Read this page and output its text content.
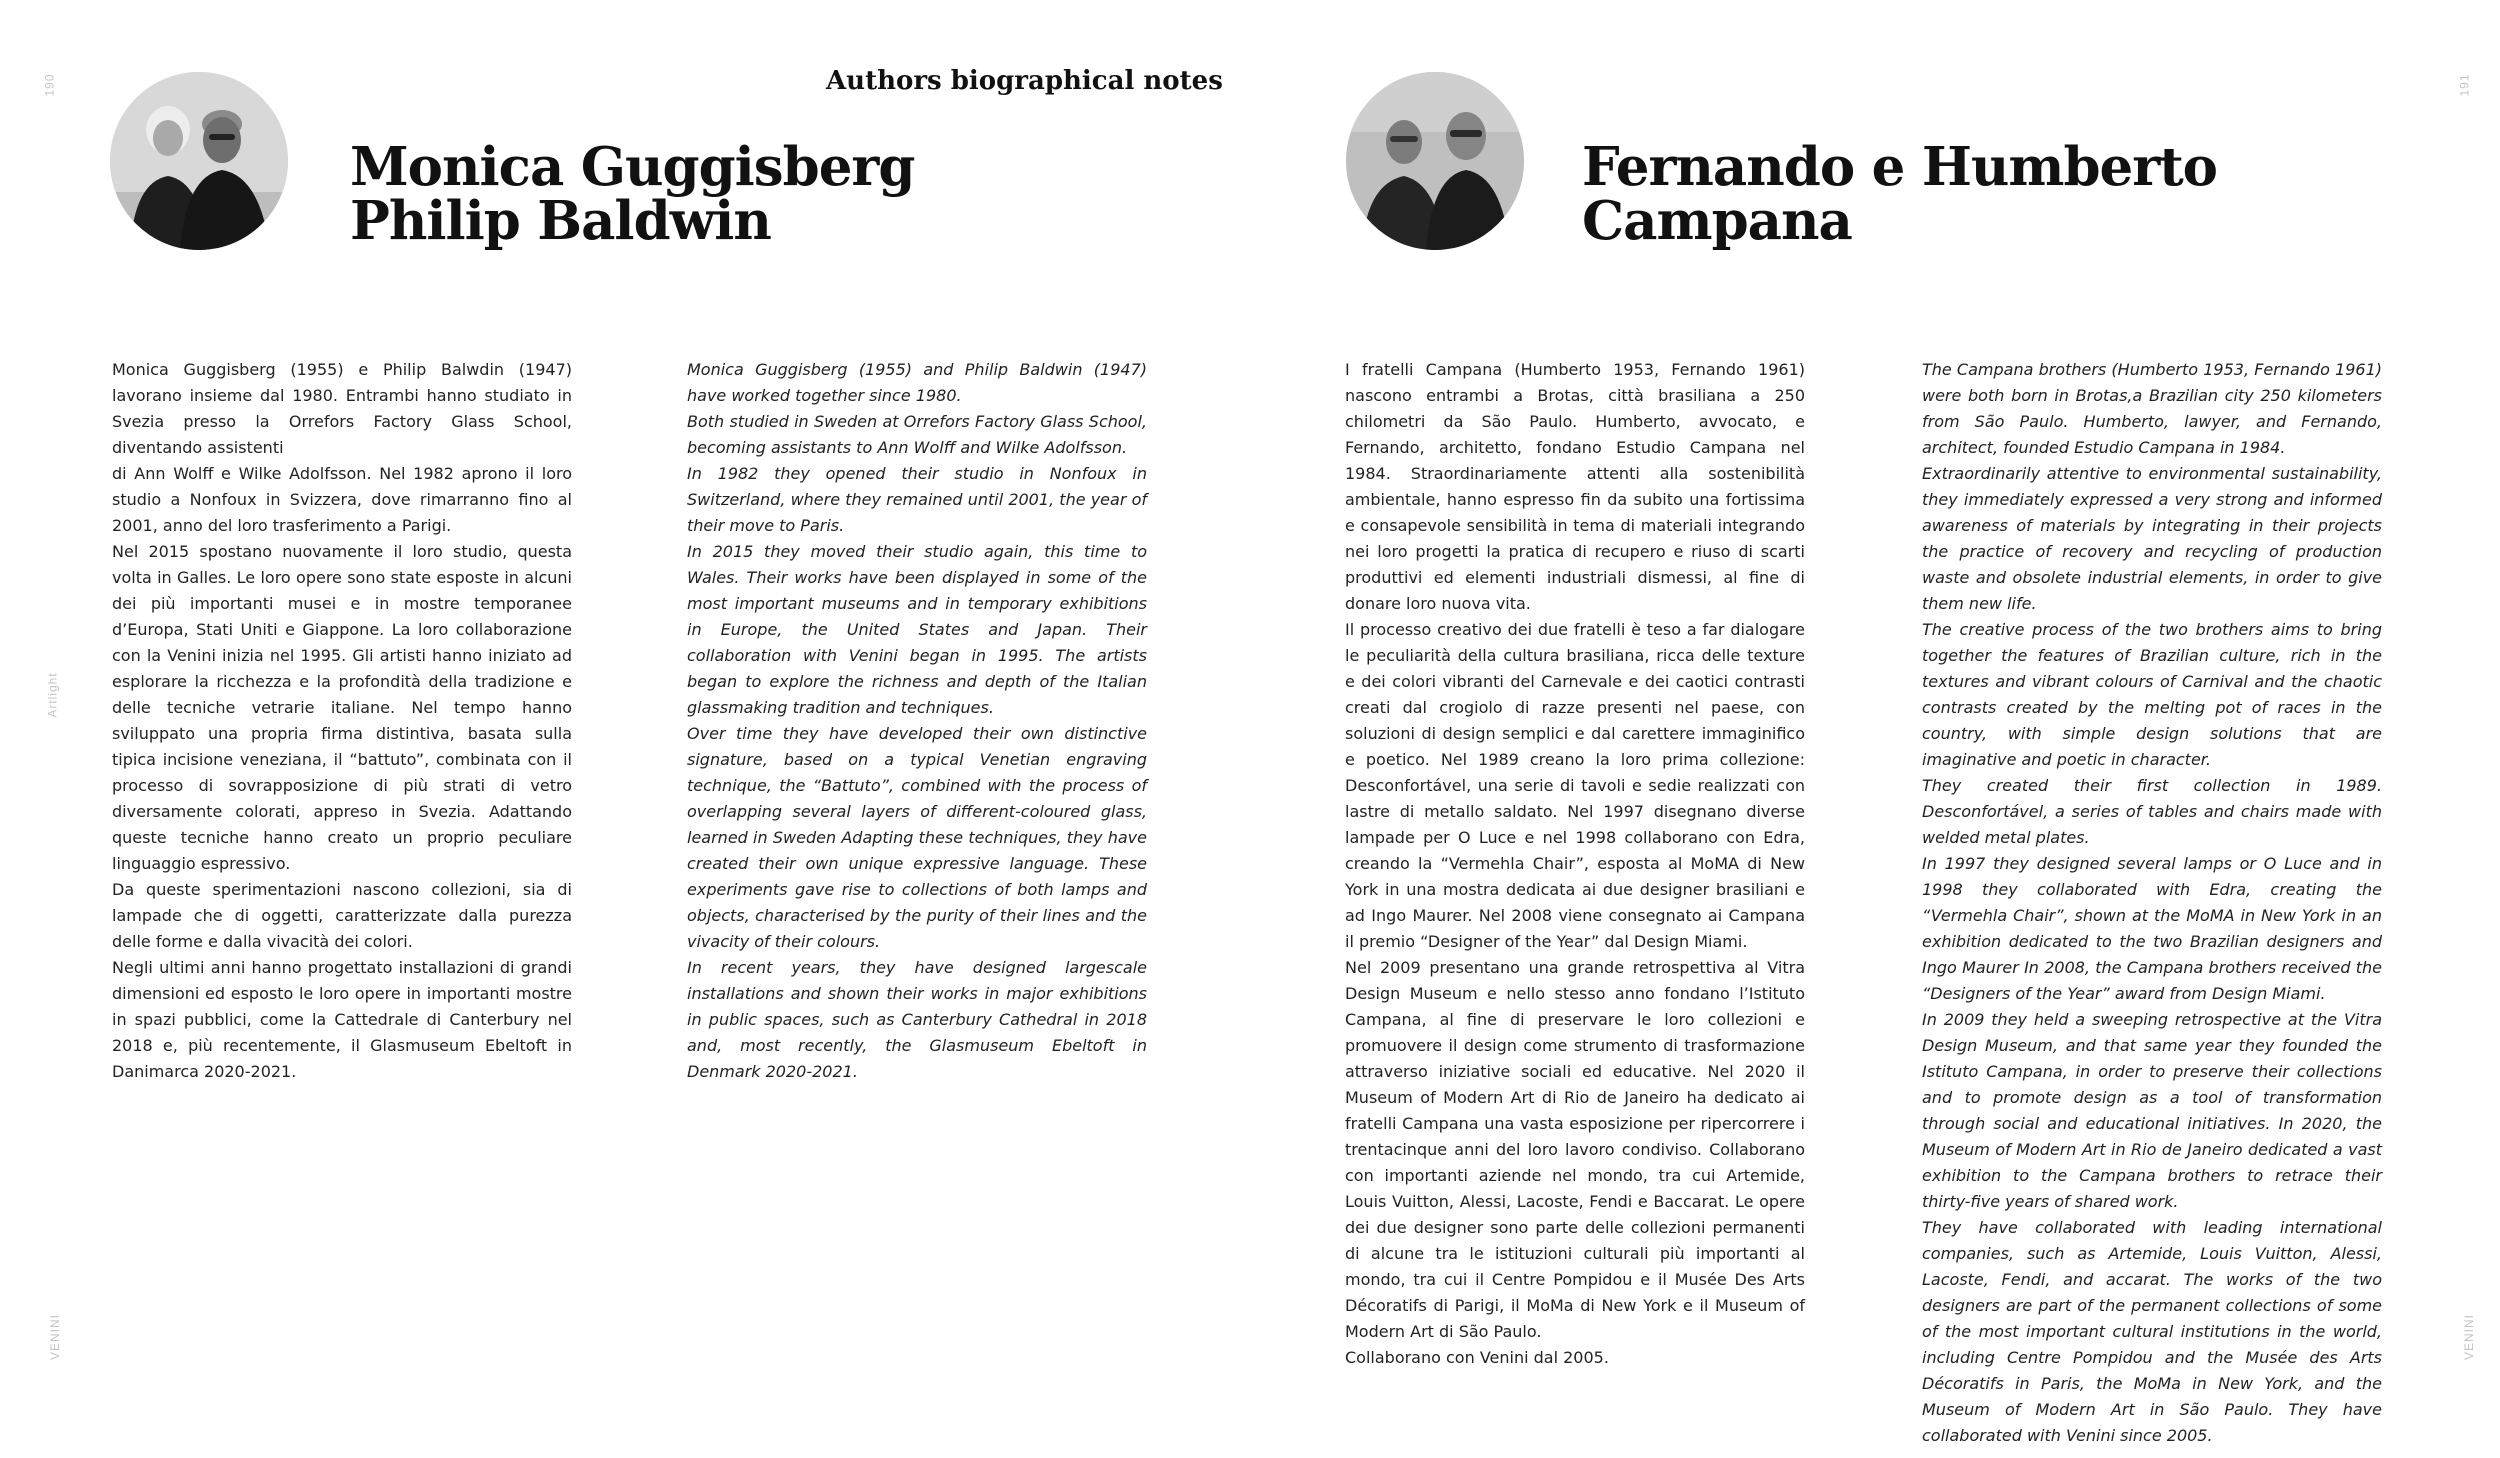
190
Artlight
VENINI
191
VENINI
Authors biographical notes
Monica Guggisberg
Philip Baldwin
Fernando e Humberto
Campana

Monica Guggisberg (1955) e Philip Balwdin (1947) lavorano insieme dal 1980. Entrambi hanno studiato in Svezia presso la Orrefors Factory Glass School, diventando assistenti

di Ann Wolff e Wilke Adolfsson. Nel 1982 aprono il loro studio a Nonfoux in Svizzera, dove rimarranno fino al 2001, anno del loro trasferimento a Parigi.

Nel 2015 spostano nuovamente il loro studio, questa volta in Galles. Le loro opere sono state esposte in alcuni dei più importanti musei e in mostre temporanee d’Europa, Stati Uniti e Giappone. La loro collaborazione con la Venini inizia nel 1995. Gli artisti hanno iniziato ad esplorare la ricchezza e la profondità della tradizione e delle tecniche vetrarie italiane. Nel tempo hanno sviluppato una propria firma distintiva, basata sulla tipica incisione veneziana, il “battuto”, combinata con il processo di sovrapposizione di più strati di vetro diversamente colorati, appreso in Svezia. Adattando queste tecniche hanno creato un proprio peculiare linguaggio espressivo.

Da queste sperimentazioni nascono collezioni, sia di lampade che di oggetti, caratterizzate dalla purezza delle forme e dalla vivacità dei colori.

Negli ultimi anni hanno progettato installazioni di grandi dimensioni ed esposto le loro opere in importanti mostre in spazi pubblici, come la Cattedrale di Canterbury nel 2018 e, più recentemente, il Glasmuseum Ebeltoft in Danimarca 2020-2021.

Monica Guggisberg (1955) and Philip Baldwin (1947) have worked together since 1980.

Both studied in Sweden at Orrefors Factory Glass School, becoming assistants to Ann Wolff and Wilke Adolfsson.

In 1982 they opened their studio in Nonfoux in Switzerland, where they remained until 2001, the year of their move to Paris.

In 2015 they moved their studio again, this time to Wales. Their works have been displayed in some of the most important museums and in temporary exhibitions in Europe, the United States and Japan. Their collaboration with Venini began in 1995. The artists began to explore the richness and depth of the Italian glassmaking tradition and techniques.

Over time they have developed their own distinctive signature, based on a typical Venetian engraving technique, the “Battuto”, combined with the process of overlapping several layers of different-coloured glass, learned in Sweden Adapting these techniques, they have created their own unique expressive language. These experiments gave rise to collections of both lamps and objects, characterised by the purity of their lines and the vivacity of their colours.

In recent years, they have designed largescale installations and shown their works in major exhibitions in public spaces, such as Canterbury Cathedral in 2018 and, most recently, the Glasmuseum Ebeltoft in Denmark 2020-2021.

I fratelli Campana (Humberto 1953, Fernando 1961) nascono entrambi a Brotas, città brasiliana a 250 chilometri da São Paulo. Humberto, avvocato, e Fernando, architetto, fondano Estudio Campana nel 1984. Straordinariamente attenti alla sostenibilità ambientale, hanno espresso fin da subito una fortissima e consapevole sensibilità in tema di materiali integrando nei loro progetti la pratica di recupero e riuso di scarti produttivi ed elementi industriali dismessi, al fine di donare loro nuova vita.

Il processo creativo dei due fratelli è teso a far dialogare le peculiarità della cultura brasiliana, ricca delle texture e dei colori vibranti del Carnevale e dei caotici contrasti creati dal crogiolo di razze presenti nel paese, con soluzioni di design semplici e dal carettere immaginifico e poetico. Nel 1989 creano la loro prima collezione: Desconfortável, una serie di tavoli e sedie realizzati con lastre di metallo saldato. Nel 1997 disegnano diverse lampade per O Luce e nel 1998 collaborano con Edra, creando la “Vermehla Chair”, esposta al MoMA di New York in una mostra dedicata ai due designer brasiliani e ad Ingo Maurer. Nel 2008 viene consegnato ai Campana il premio “Designer of the Year” dal Design Miami.

Nel 2009 presentano una grande retrospettiva al Vitra Design Museum e nello stesso anno fondano l’Istituto Campana, al fine di preservare le loro collezioni e promuovere il design come strumento di trasformazione attraverso iniziative sociali ed educative. Nel 2020 il Museum of Modern Art di Rio de Janeiro ha dedicato ai fratelli Campana una vasta esposizione per ripercorrere i trentacinque anni del loro lavoro condiviso. Collaborano con importanti aziende nel mondo, tra cui Artemide, Louis Vuitton, Alessi, Lacoste, Fendi e Baccarat. Le opere dei due designer sono parte delle collezioni permanenti di alcune tra le istituzioni culturali più importanti al mondo, tra cui il Centre Pompidou e il Musée Des Arts Décoratifs di Parigi, il MoMa di New York e il Museum of Modern Art di São Paulo.

Collaborano con Venini dal 2005.

The Campana brothers (Humberto 1953, Fernando 1961) were both born in Brotas,a Brazilian city 250 kilometers from São Paulo. Humberto, lawyer, and Fernando, architect, founded Estudio Campana in 1984.

Extraordinarily attentive to environmental sustainability, they immediately expressed a very strong and informed awareness of materials by integrating in their projects the practice of recovery and recycling of production waste and obsolete industrial elements, in order to give them new life.

The creative process of the two brothers aims to bring together the features of Brazilian culture, rich in the textures and vibrant colours of Carnival and the chaotic contrasts created by the melting pot of races in the country, with simple design solutions that are imaginative and poetic in character.

They created their first collection in 1989. Desconfortável, a series of tables and chairs made with welded metal plates.

In 1997 they designed several lamps or O Luce and in 1998 they collaborated with Edra, creating the “Vermehla Chair”, shown at the MoMA in New York in an exhibition dedicated to the two Brazilian designers and Ingo Maurer In 2008, the Campana brothers received the “Designers of the Year” award from Design Miami.

In 2009 they held a sweeping retrospective at the Vitra Design Museum, and that same year they founded the Istituto Campana, in order to preserve their collections and to promote design as a tool of transformation through social and educational initiatives. In 2020, the Museum of Modern Art in Rio de Janeiro dedicated a vast exhibition to the Campana brothers to retrace their thirty-five years of shared work.

They have collaborated with leading international companies, such as Artemide, Louis Vuitton, Alessi, Lacoste, Fendi, and accarat. The works of the two designers are part of the permanent collections of some of the most important cultural institutions in the world, including Centre Pompidou and the Musée des Arts Décoratifs in Paris, the MoMa in New York, and the Museum of Modern Art in São Paulo. They have collaborated with Venini since 2005.
